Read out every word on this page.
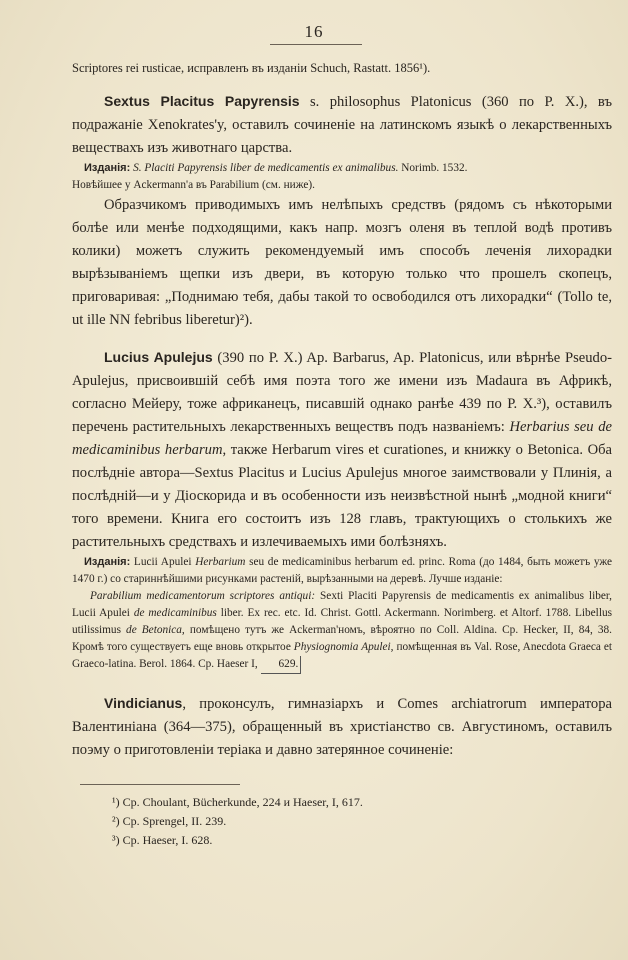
16

Scriptores rei rusticae, исправленъ въ изданіи Schuch, Rastatt. 1856¹).

Sextus Placitus Papyrensis s. philosophus Platonicus (360 по Р. X.), въ подражаніе Xenokrates'y, оставилъ сочиненіе на латинскомъ языкѣ о лекарственныхъ веществахъ изъ животнаго царства.

Изданія: S. Placiti Papyrensis liber de medicamentis ex animalibus. Norimb. 1532.

Новѣйшее у Ackermann'a въ Parabilium (см. ниже).

Образчикомъ приводимыхъ имъ нелѣпыхъ средствъ (рядомъ съ нѣкоторыми болѣе или менѣе подходящими, какъ напр. мозгъ оленя въ теплой водѣ противъ колики) можетъ служить рекомендуемый имъ способъ леченія лихорадки вырѣзываніемъ щепки изъ двери, въ которую только что прошелъ скопецъ, приговаривая: „Поднимаю тебя, дабы такой то освободился отъ лихорадки“ (Tollo te, ut ille NN febribus liberetur)²).

Lucius Apulejus (390 по Р. X.) Ap. Barbarus, Ap. Platonicus, или вѣрнѣе Pseudo-Apulejus, присвоившій себѣ имя поэта того же имени изъ Madaura въ Африкѣ, согласно Мейеру, тоже африканецъ, писавшій однако ранѣе 439 по Р. X.³), оставилъ перечень растительныхъ лекарственныхъ веществъ подъ названіемъ: Herbarius seu de medicaminibus herbarum, также Herbarum vires et curationes, и книжку о Betonica. Оба послѣдніе автора—Sextus Placitus и Lucius Apulejus многое заимствовали у Плинія, а послѣдній—и у Діоскорида и въ особенности изъ неизвѣстной нынѣ „модной книги“ того времени. Книга его состоитъ изъ 128 главъ, трактующихъ о столькихъ же растительныхъ средствахъ и излечиваемыхъ ими болѣзняхъ.

Изданія: Lucii Apulei Herbarium seu de medicaminibus herbarum ed. princ. Roma (до 1484, быть можетъ уже 1470 г.) со стариннѣйшими рисунками растеній, вырѣзанными на деревѣ. Лучше изданіе:

Parabilium medicamentorum scriptores antiqui: Sexti Placiti Papyrensis de medicamentis ex animalibus liber, Lucii Apulei de medicaminibus liber. Ex rec. etc. Id. Christ. Gottl. Ackermann. Norimberg. et Altorf. 1788. Libellus utilissimus de Betonica, помѣщено тутъ же Ackerman'номъ, вѣроятно по Coll. Aldina. Ср. Hecker, II, 84, 38. Кромѣ того существуетъ еще вновь открытое Physiognomia Apulei, помѣщенная въ Val. Rose, Anecdota Graeca et Graeco-latina. Berol. 1864. Ср. Haeser I, 629.

Vindicianus, проконсулъ, гимназіархъ и Comes archiatrorum императора Валентиніана (364—375), обращенный въ христіанство св. Августиномъ, оставилъ поэму о приготовленіи теріака и давно затерянное сочиненіе:

¹) Ср. Choulant, Bücherkunde, 224 и Haeser, I, 617.

²) Ср. Sprengel, II. 239.

³) Ср. Haeser, I. 628.
